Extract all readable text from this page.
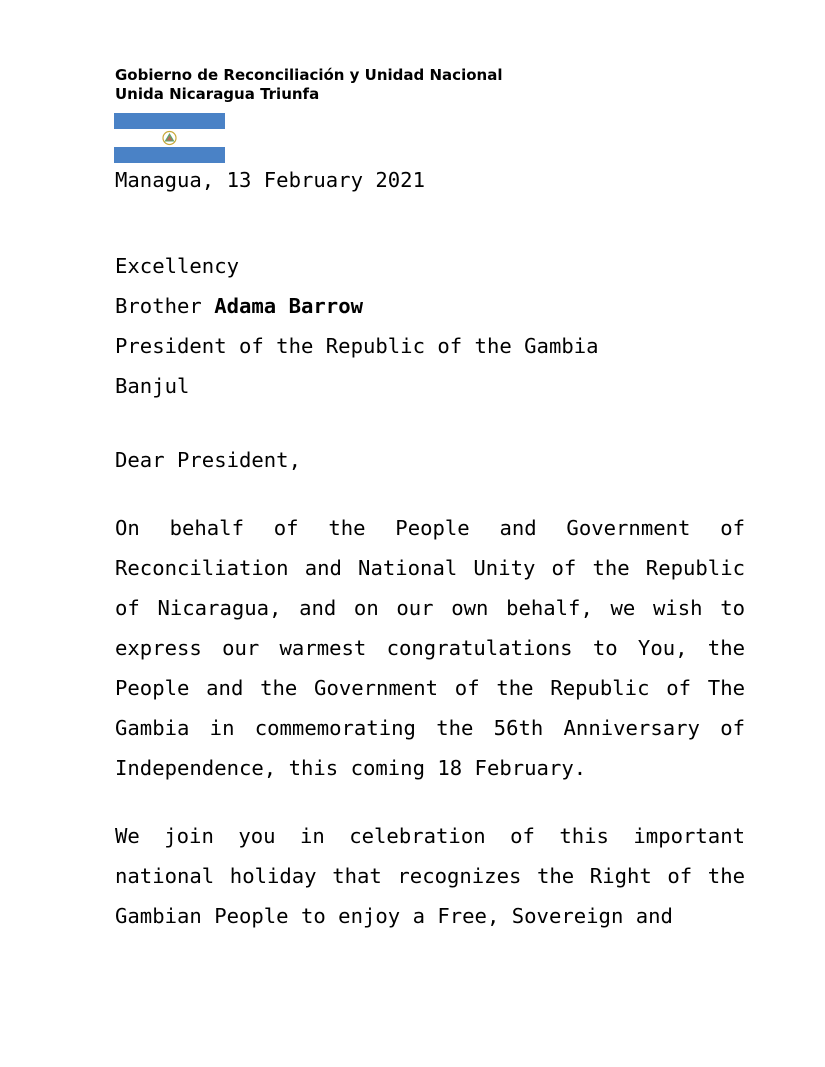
Gobierno de Reconciliación y Unidad Nacional
Unida Nicaragua Triunfa
Managua, 13 February 2021
Excellency
Brother Adama Barrow
President of the Republic of the Gambia
Banjul
Dear President,

On behalf of the People and Government of Reconciliation and National Unity of the Republic of Nicaragua, and on our own behalf, we wish to express our warmest congratulations to You, the People and the Government of the Republic of The Gambia in commemorating the 56th Anniversary of Independence, this coming 18 February.

We join you in celebration of this important national holiday that recognizes the Right of the Gambian People to enjoy a Free, Sovereign and
